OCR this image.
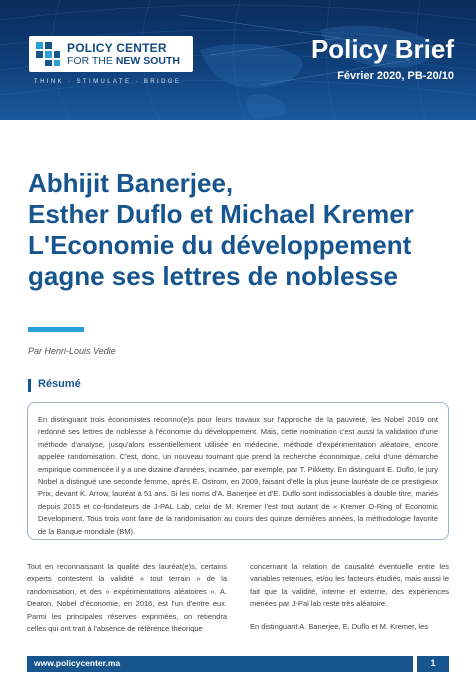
POLICY CENTER
FOR THE NEW SOUTH
THINK · STIMULATE · BRIDGE
Policy Brief
Février 2020, PB-20/10
Abhijit Banerjee,
Esther Duflo et Michael Kremer
L'Economie du développement
gagne ses lettres de noblesse
Par Henri-Louis Vedie
Résumé
En distinguant trois économistes reconnu(e)s pour leurs travaux sur l'approche de la pauvreté, les Nobel 2019 ont redonné ses lettres de noblesse à l'économie du développement. Mais, cette nomination c'est aussi la validation d'une méthode d'analyse, jusqu'alors essentiellement utilisée en médecine, méthode d'expérimentation aléatoire, encore appelée randomisation. C'est, donc, un nouveau tournant que prend la recherche économique, celui d'une démarche empirique commencée il y a une dizaine d'années, incarnée, par exemple, par T. Pikketty. En distinguant E. Duflo, le jury Nobel a distingué une seconde femme, après E. Ostrom, en 2009, faisant d'elle la plus jeune lauréate de ce prestigieux Prix, devant K. Arrow, lauréat à 51 ans. Si les noms d'A. Banerjee et d'E. Duflo sont indissociables à double titre, mariés depuis 2015 et co-fondateurs de J-PAL Lab, celui de M. Kremer l'est tout autant de « Kremer O-Ring of Economic Development. Tous trois vont faire de la randomisation au cours des quinze dernières années, la méthodologie favorite de la Banque mondiale (BM).

Tout en reconnaissant la qualité des lauréat(e)s, certains experts contestent la validité « tout terrain » de la randomisation, et des « expérimentations aléatoires ». A. Deaton, Nobel d'économie, en 2016, est l'un d'entre eux. Parmi les principales réserves exprimées, on retiendra celles qui ont trait à l'absence de référence théorique

concernant la relation de causalité éventuelle entre les variables retenues, et/ou les facteurs étudiés, mais aussi le fait que la validité, interne et externe, des expériences menées par J-Pal lab reste très aléatoire.

En distinguant A. Banerjee, E. Duflo et M. Kremer, les

www.policycenter.ma	1
